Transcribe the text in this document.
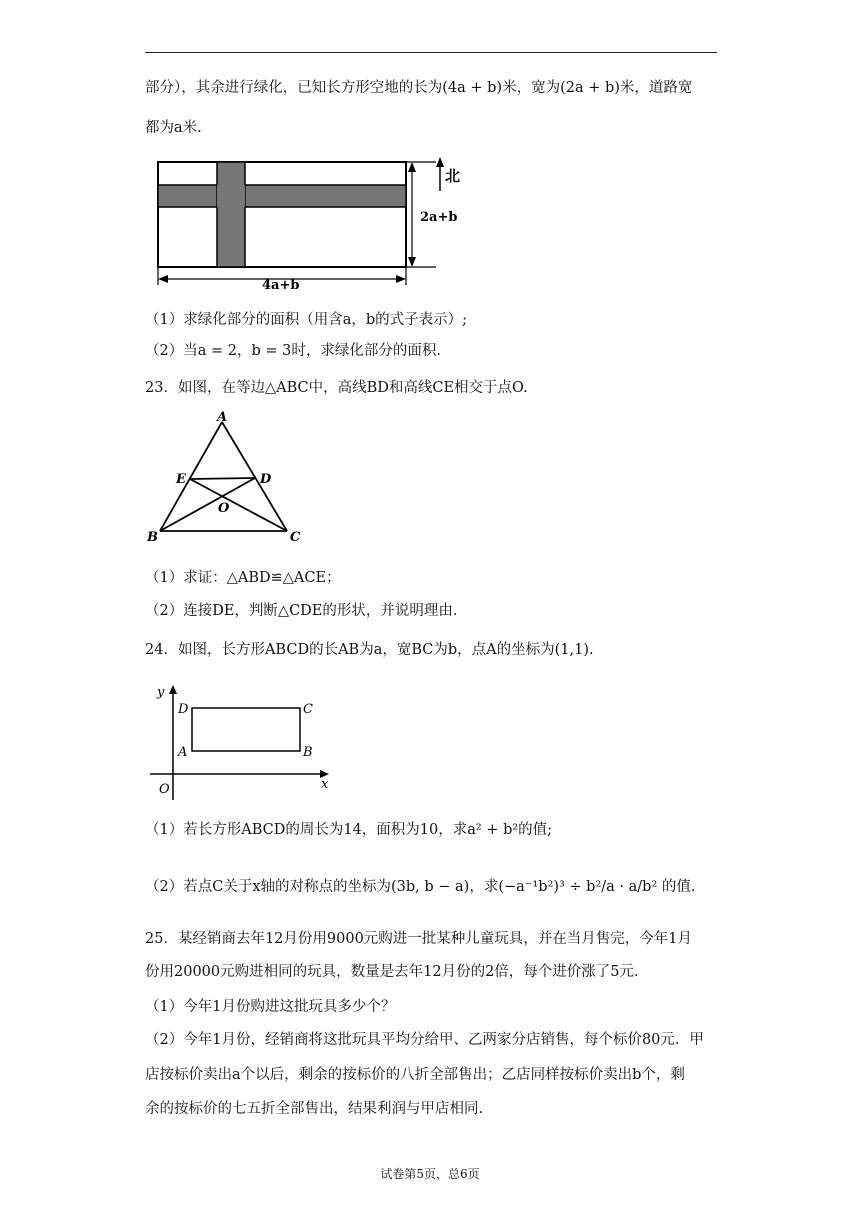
部分），其余进行绿化，已知长方形空地的长为(4a + b)米，宽为(2a + b)米，道路宽
都为a米.
北
2a+b
4a+b
（1）求绿化部分的面积（用含a，b的式子表示）;
（2）当a = 2，b = 3时，求绿化部分的面积.
23．如图，在等边△ABC中，高线BD和高线CE相交于点O.
A
B	C
D
E
O
（1）求证：△ABD≌△ACE；
（2）连接DE，判断△CDE的形状，并说明理由.
24．如图，长方形ABCD的长AB为a，宽BC为b，点A的坐标为(1,1).
y
x
O
A	B
C
D
（1）若长方形ABCD的周长为14，面积为10，求a² + b²的值;
（2）若点C关于x轴的对称点的坐标为(3b, b − a)，求(−a⁻¹b²)³ ÷ b²/a · a/b² 的值.
25．某经销商去年12月份用9000元购进一批某种儿童玩具，并在当月售完，今年1月
份用20000元购进相同的玩具，数量是去年12月份的2倍，每个进价涨了5元.
（1）今年1月份购进这批玩具多少个？
（2）今年1月份，经销商将这批玩具平均分给甲、乙两家分店销售，每个标价80元．甲
店按标价卖出a个以后，剩余的按标价的八折全部售出；乙店同样按标价卖出b个，剩
余的按标价的七五折全部售出，结果利润与甲店相同.
试卷第5页，总6页
